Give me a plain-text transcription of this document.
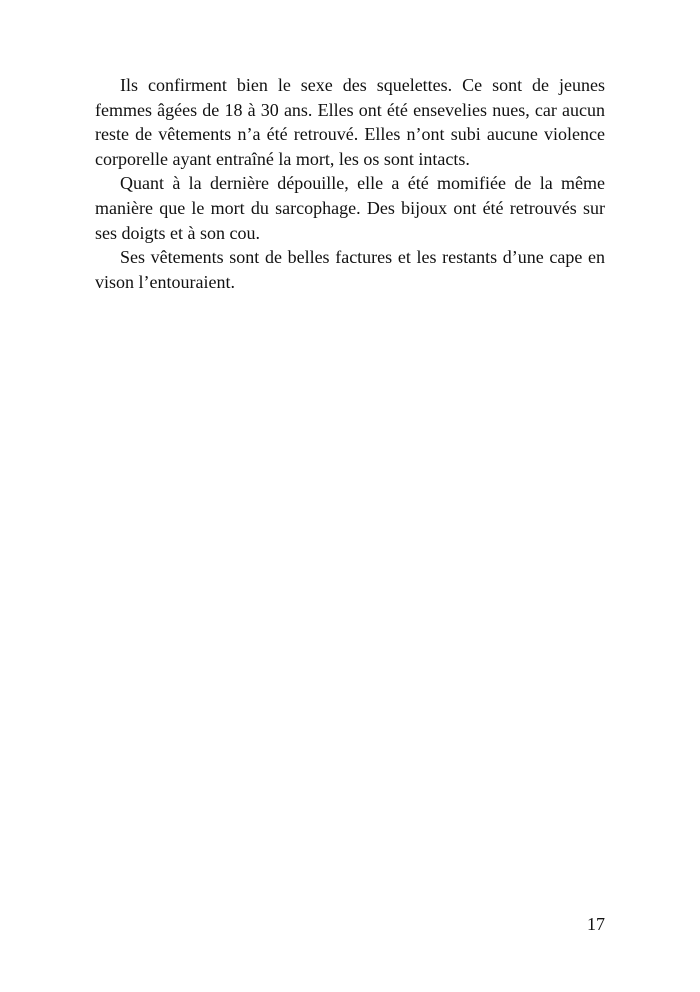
Ils confirment bien le sexe des squelettes. Ce sont de jeunes femmes âgées de 18 à 30 ans. Elles ont été ensevelies nues, car aucun reste de vêtements n’a été retrouvé. Elles n’ont subi aucune violence corporelle ayant entraîné la mort, les os sont intacts.

Quant à la dernière dépouille, elle a été momifiée de la même manière que le mort du sarcophage. Des bijoux ont été retrouvés sur ses doigts et à son cou.

Ses vêtements sont de belles factures et les restants d’une cape en vison l’entouraient.

17
